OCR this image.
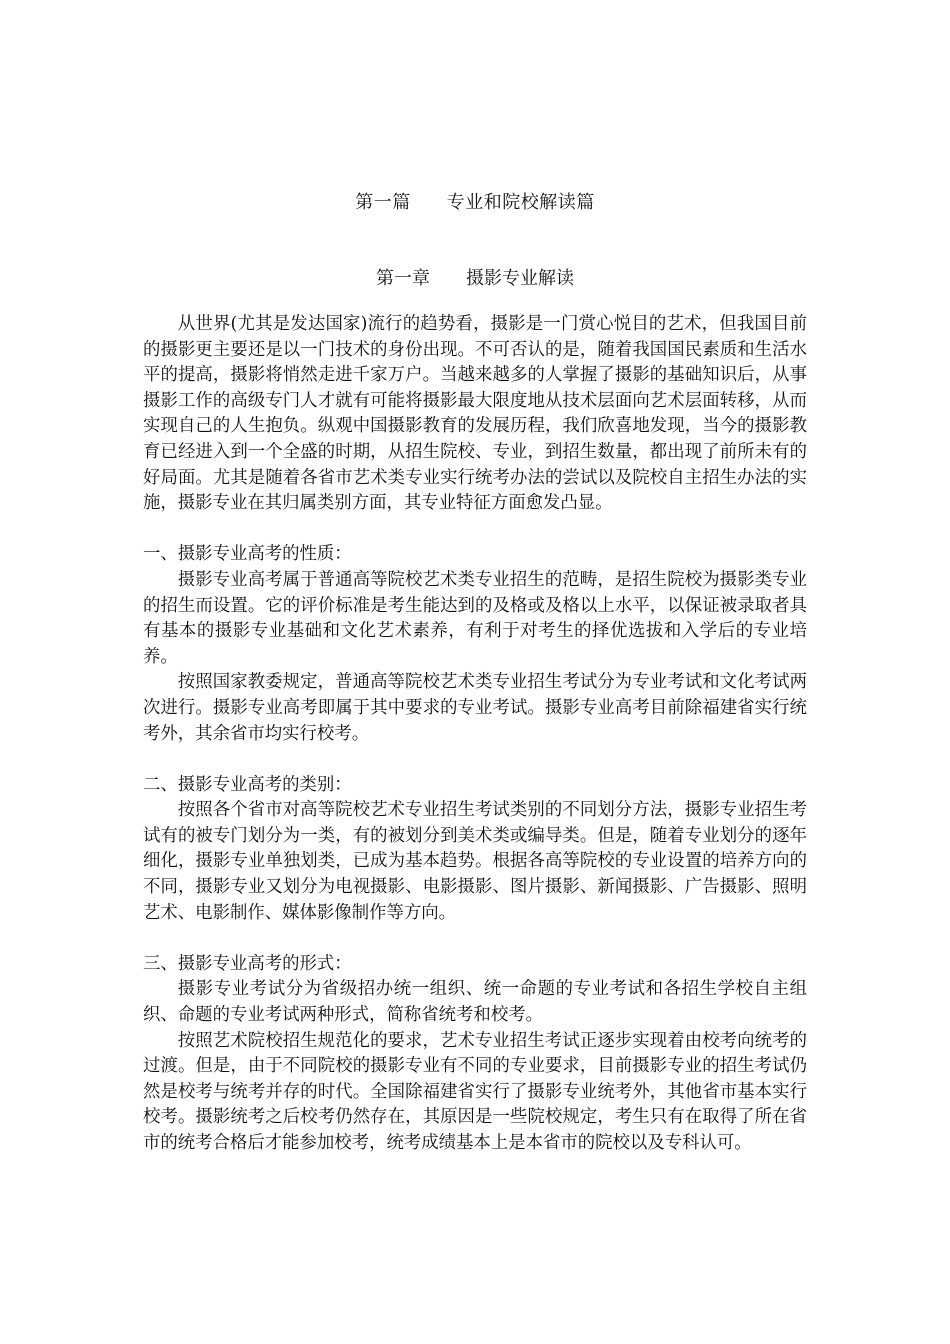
第一篇 专业和院校解读篇
第一章 摄影专业解读

从世界(尤其是发达国家)流行的趋势看，摄影是一门赏心悦目的艺术，但我国目前的摄影更主要还是以一门技术的身份出现。不可否认的是，随着我国国民素质和生活水平的提高，摄影将悄然走进千家万户。当越来越多的人掌握了摄影的基础知识后，从事摄影工作的高级专门人才就有可能将摄影最大限度地从技术层面向艺术层面转移，从而实现自己的人生抱负。纵观中国摄影教育的发展历程，我们欣喜地发现，当今的摄影教育已经进入到一个全盛的时期，从招生院校、专业，到招生数量，都出现了前所未有的好局面。尤其是随着各省市艺术类专业实行统考办法的尝试以及院校自主招生办法的实施，摄影专业在其归属类别方面，其专业特征方面愈发凸显。

一、摄影专业高考的性质：

摄影专业高考属于普通高等院校艺术类专业招生的范畴，是招生院校为摄影类专业的招生而设置。它的评价标准是考生能达到的及格或及格以上水平，以保证被录取者具有基本的摄影专业基础和文化艺术素养，有利于对考生的择优选拔和入学后的专业培养。

按照国家教委规定，普通高等院校艺术类专业招生考试分为专业考试和文化考试两次进行。摄影专业高考即属于其中要求的专业考试。摄影专业高考目前除福建省实行统考外，其余省市均实行校考。

二、摄影专业高考的类别：

按照各个省市对高等院校艺术专业招生考试类别的不同划分方法，摄影专业招生考试有的被专门划分为一类，有的被划分到美术类或编导类。但是，随着专业划分的逐年细化，摄影专业单独划类，已成为基本趋势。根据各高等院校的专业设置的培养方向的不同，摄影专业又划分为电视摄影、电影摄影、图片摄影、新闻摄影、广告摄影、照明艺术、电影制作、媒体影像制作等方向。

三、摄影专业高考的形式：

摄影专业考试分为省级招办统一组织、统一命题的专业考试和各招生学校自主组织、命题的专业考试两种形式，简称省统考和校考。

按照艺术院校招生规范化的要求，艺术专业招生考试正逐步实现着由校考向统考的过渡。但是，由于不同院校的摄影专业有不同的专业要求，目前摄影专业的招生考试仍然是校考与统考并存的时代。全国除福建省实行了摄影专业统考外，其他省市基本实行校考。摄影统考之后校考仍然存在，其原因是一些院校规定，考生只有在取得了所在省市的统考合格后才能参加校考，统考成绩基本上是本省市的院校以及专科认可。
